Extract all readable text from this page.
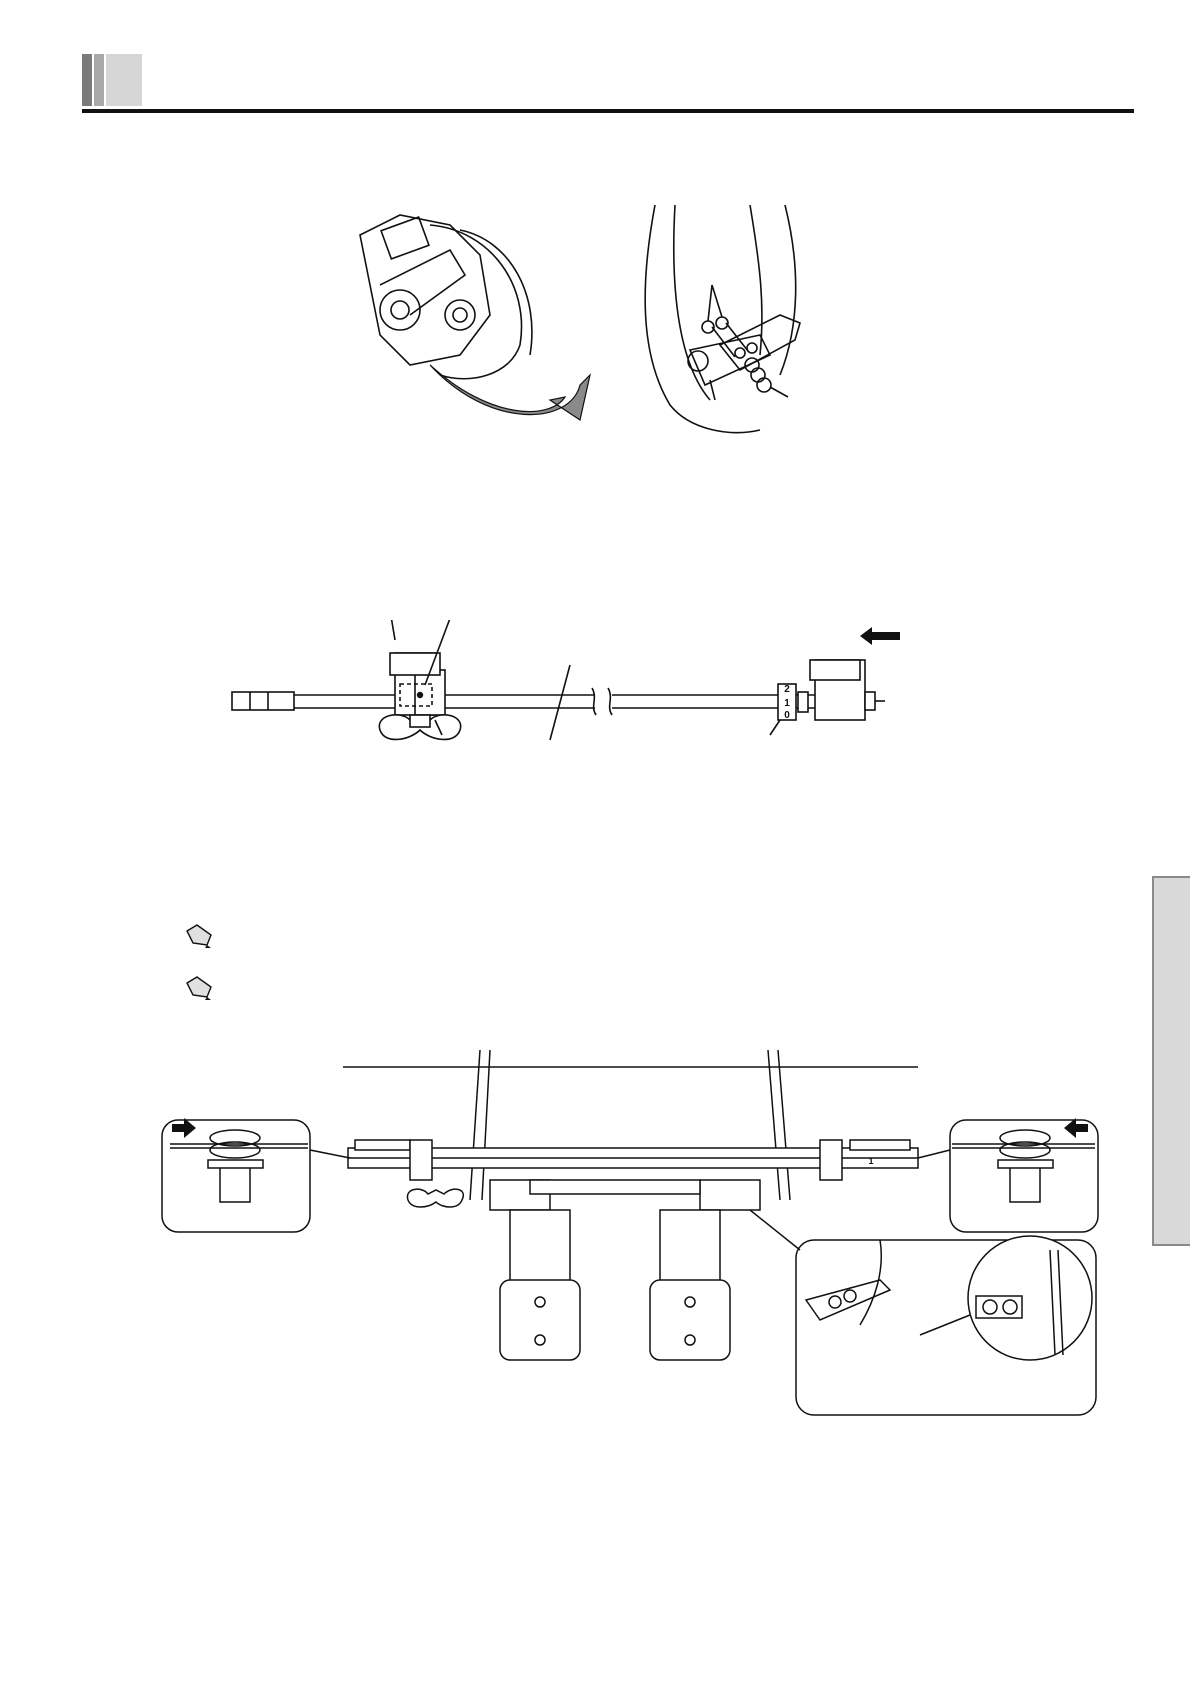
2
1
0
1
